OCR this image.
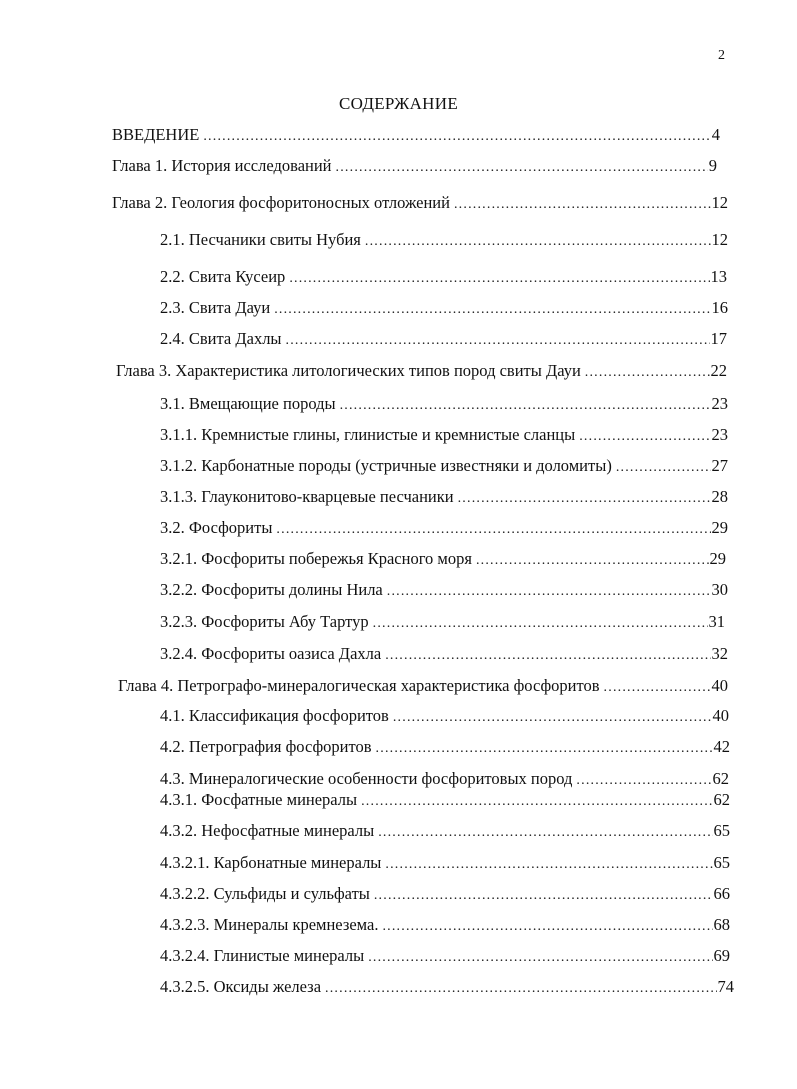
2
СОДЕРЖАНИЕ
ВВЕДЕНИЕ .....	4
Глава 1. История исследований .....	9
Глава 2. Геология фосфоритоносных отложений .....	12
2.1. Песчаники свиты Нубия .....	12
2.2. Свита Кусеир .....	13
2.3. Свита Дауи .....	16
2.4. Свита Дахлы .....	17
Глава 3. Характеристика литологических типов пород свиты Дауи .....	22
3.1. Вмещающие породы .....	23
3.1.1. Кремнистые глины, глинистые и кремнистые сланцы .....	23
3.1.2. Карбонатные породы (устричные известняки и доломиты) .....	27
3.1.3. Глауконитово-кварцевые песчаники .....	28
3.2. Фосфориты .....	29
3.2.1. Фосфориты побережья Красного моря .....	29
3.2.2. Фосфориты долины Нила .....	30
3.2.3. Фосфориты Абу Тартур .....	31
3.2.4. Фосфориты оазиса Дахла .....	32
Глава 4. Петрографо-минералогическая характеристика фосфоритов .....	40
4.1. Классификация фосфоритов .....	40
4.2. Петрография фосфоритов .....	42
4.3. Минералогические особенности фосфоритовых пород .....	62
4.3.1. Фосфатные минералы .....	62
4.3.2. Нефосфатные минералы .....	65
4.3.2.1. Карбонатные минералы .....	65
4.3.2.2. Сульфиды и сульфаты .....	66
4.3.2.3. Минералы кремнезема. .....	68
4.3.2.4. Глинистые минералы .....	69
4.3.2.5. Оксиды железа .....	74
